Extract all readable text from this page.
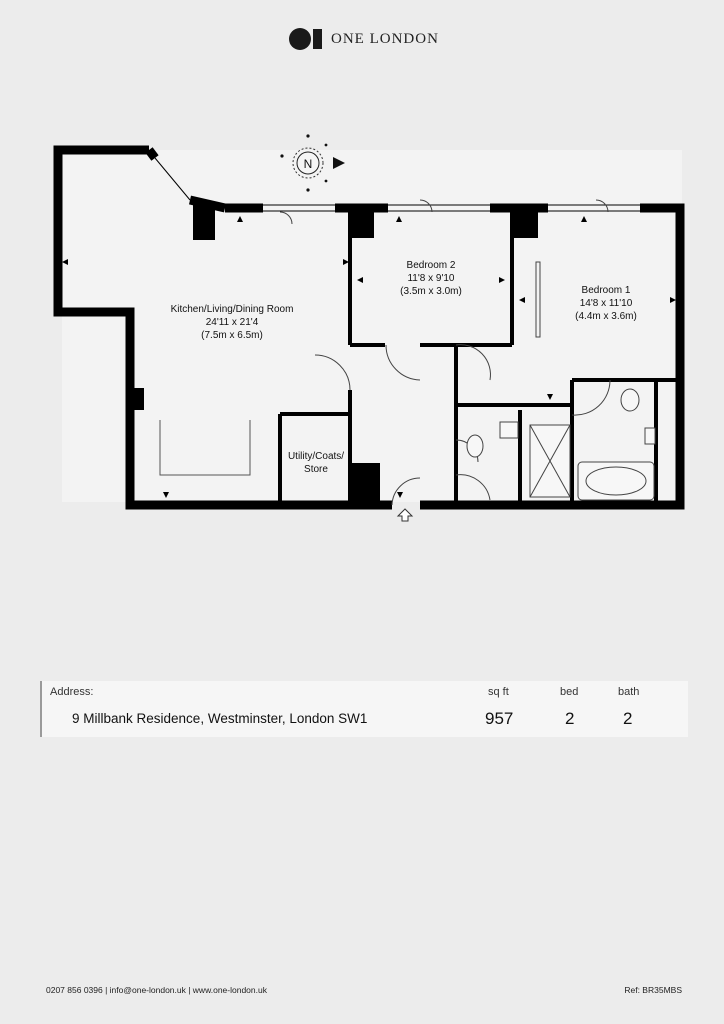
ONE LONDON
N
Kitchen/Living/Dining Room
24'11 x 21'4
(7.5m x 6.5m)
Bedroom 2
11'8 x 9'10
(3.5m x 3.0m)	Bedroom 1
14'8 x 11'10
(4.4m x 3.6m)
Utility/Coats/
Store
Address:
9 Millbank Residence, Westminster, London SW1
sq ft
957
bed
2
bath
2
0207 856 0396 | info@one-london.uk | www.one-london.uk	Ref: BR35MBS
